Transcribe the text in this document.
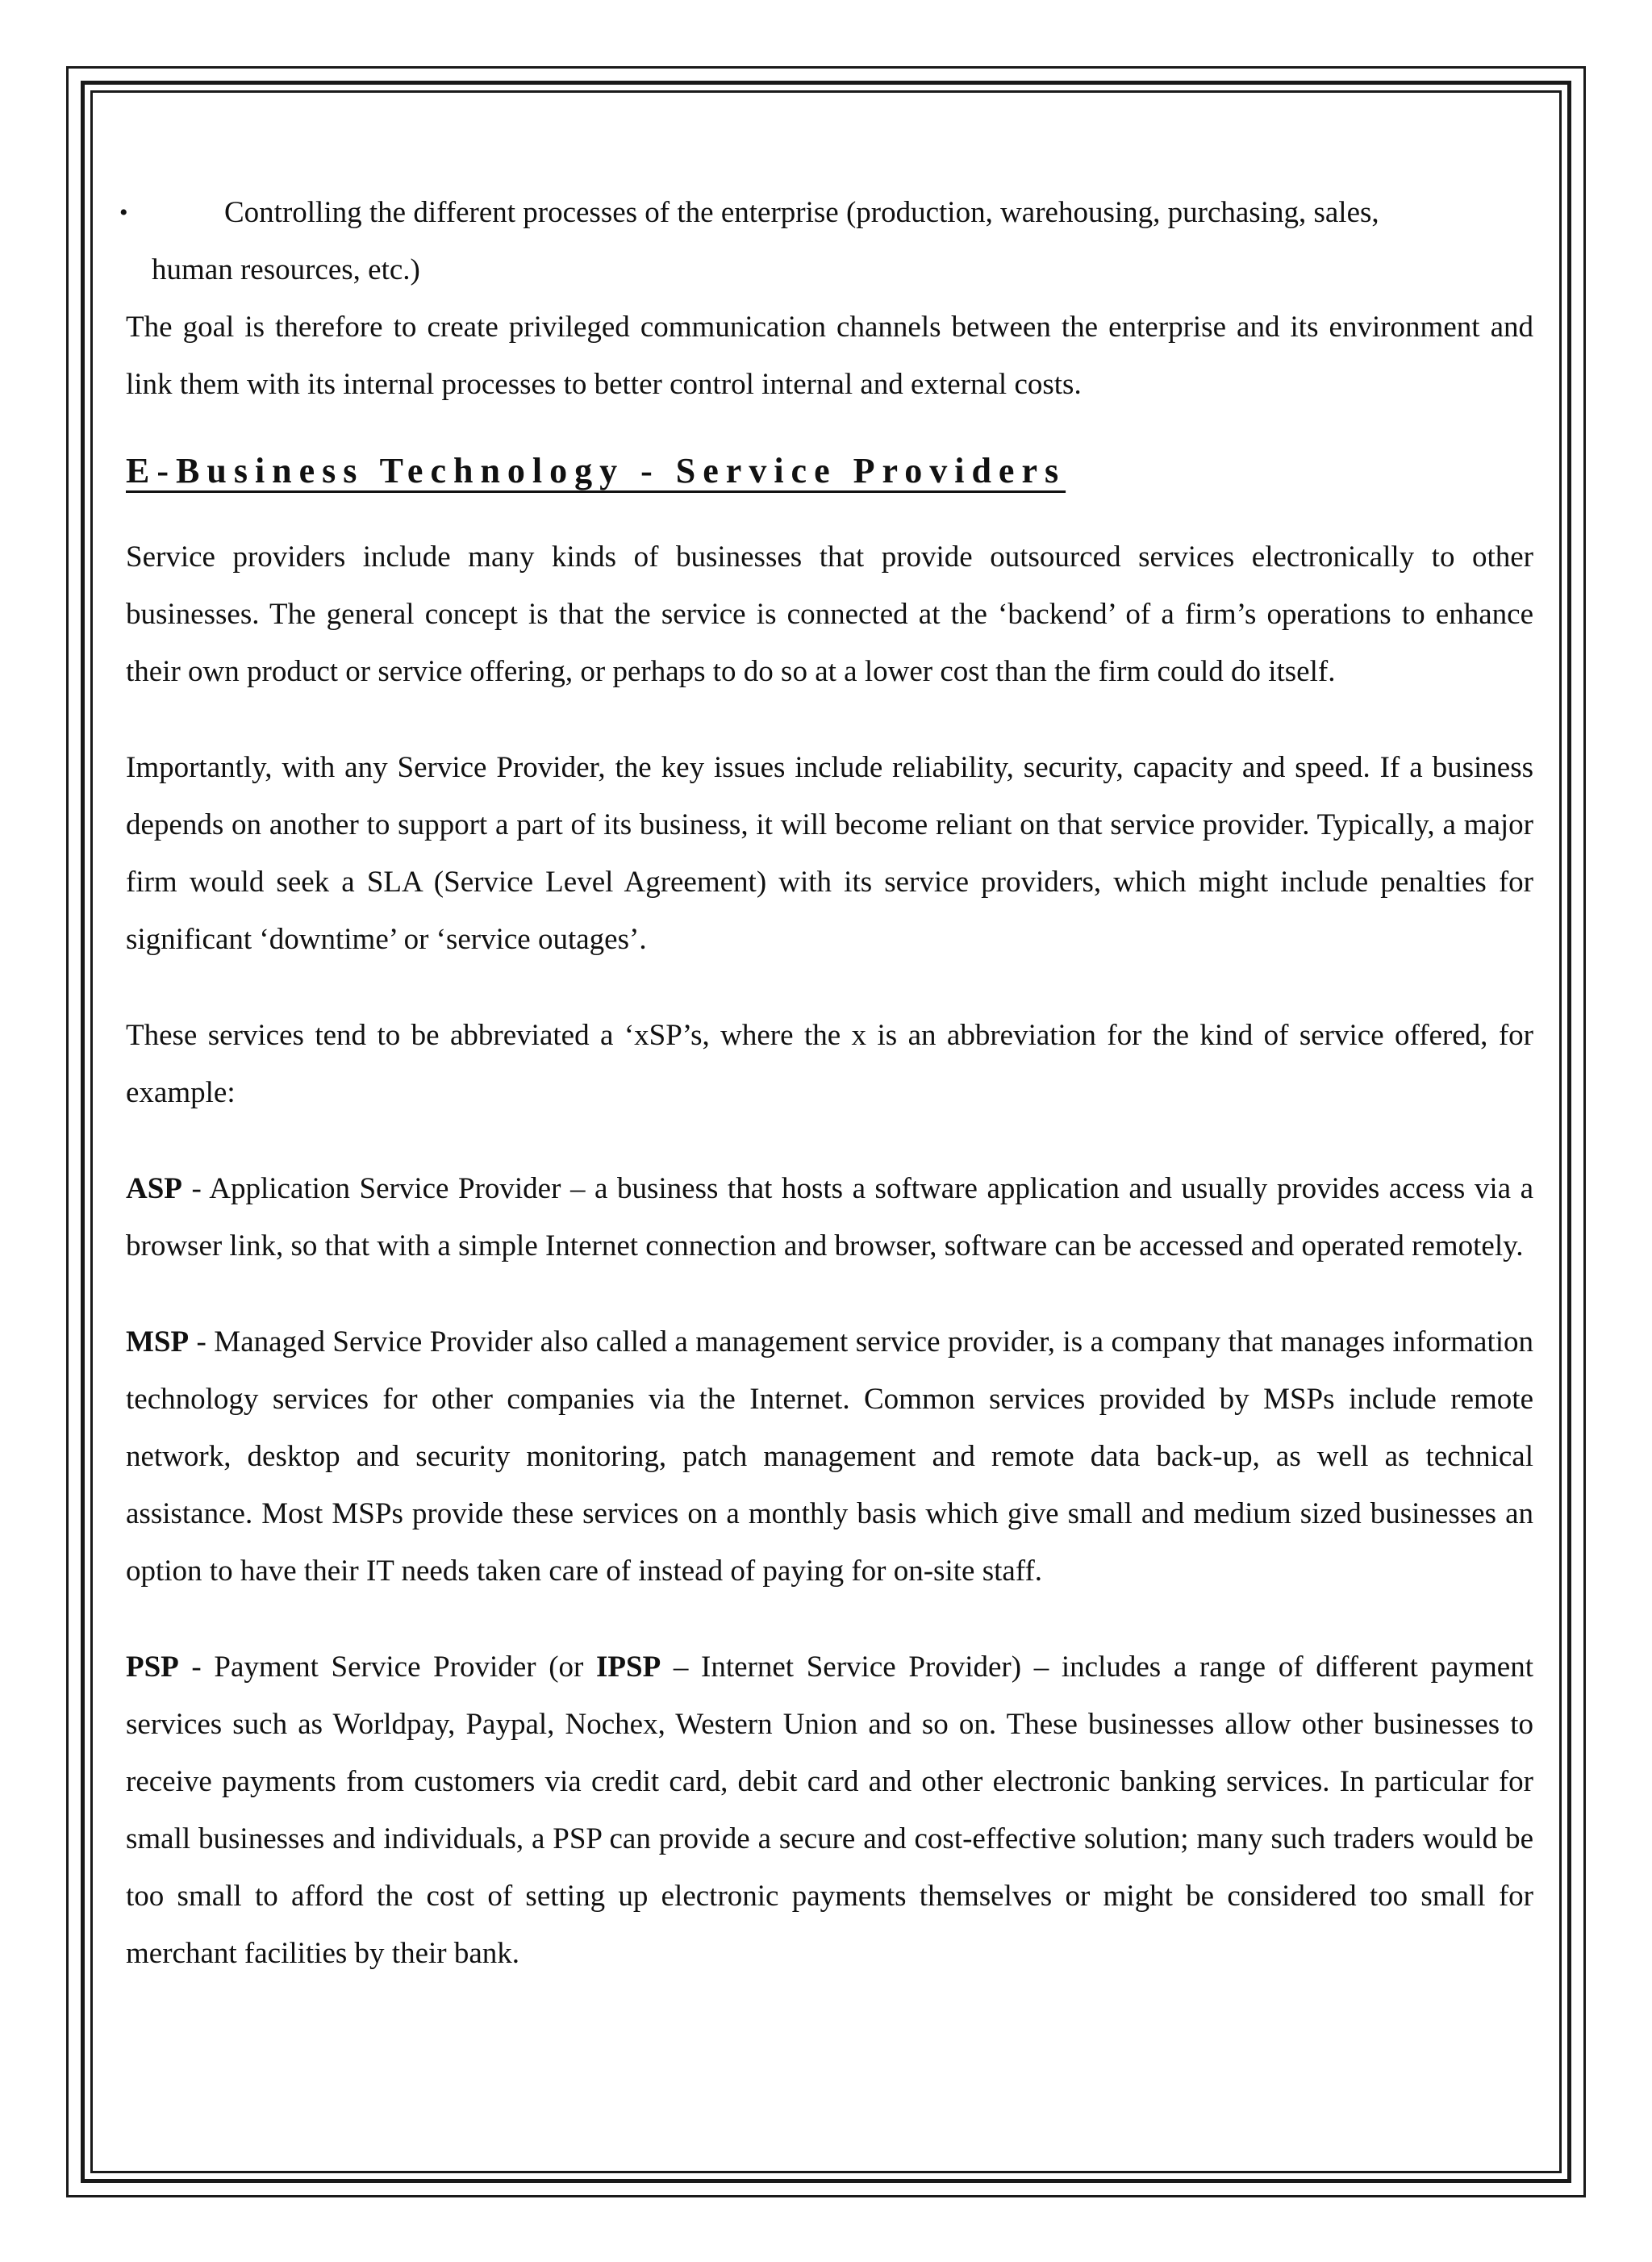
•	Controlling the different processes of the enterprise (production, warehousing, purchasing, sales,
human resources, etc.)

The goal is therefore to create privileged communication channels between the enterprise and its environment and link them with its internal processes to better control internal and external costs.

E-Business Technology - Service Providers

Service providers include many kinds of businesses that provide outsourced services electronically to other businesses. The general concept is that the service is connected at the ‘backend’ of a firm’s operations to enhance their own product or service offering, or perhaps to do so at a lower cost than the firm could do itself.

Importantly, with any Service Provider, the key issues include reliability, security, capacity and speed. If a business depends on another to support a part of its business, it will become reliant on that service provider. Typically, a major firm would seek a SLA (Service Level Agreement) with its service providers, which might include penalties for significant ‘downtime’ or ‘service outages’.

These services tend to be abbreviated a ‘xSP’s, where the x is an abbreviation for the kind of service offered, for example:

ASP - Application Service Provider – a business that hosts a software application and usually provides access via a browser link, so that with a simple Internet connection and browser, software can be accessed and operated remotely.

MSP - Managed Service Provider also called a management service provider, is a company that manages information technology services for other companies via the Internet. Common services provided by MSPs include remote network, desktop and security monitoring, patch management and remote data back-up, as well as technical assistance. Most MSPs provide these services on a monthly basis which give small and medium sized businesses an option to have their IT needs taken care of instead of paying for on-site staff.

PSP - Payment Service Provider (or IPSP – Internet Service Provider) – includes a range of different payment services such as Worldpay, Paypal, Nochex, Western Union and so on. These businesses allow other businesses to receive payments from customers via credit card, debit card and other electronic banking services. In particular for small businesses and individuals, a PSP can provide a secure and cost-effective solution; many such traders would be too small to afford the cost of setting up electronic payments themselves or might be considered too small for merchant facilities by their bank.
